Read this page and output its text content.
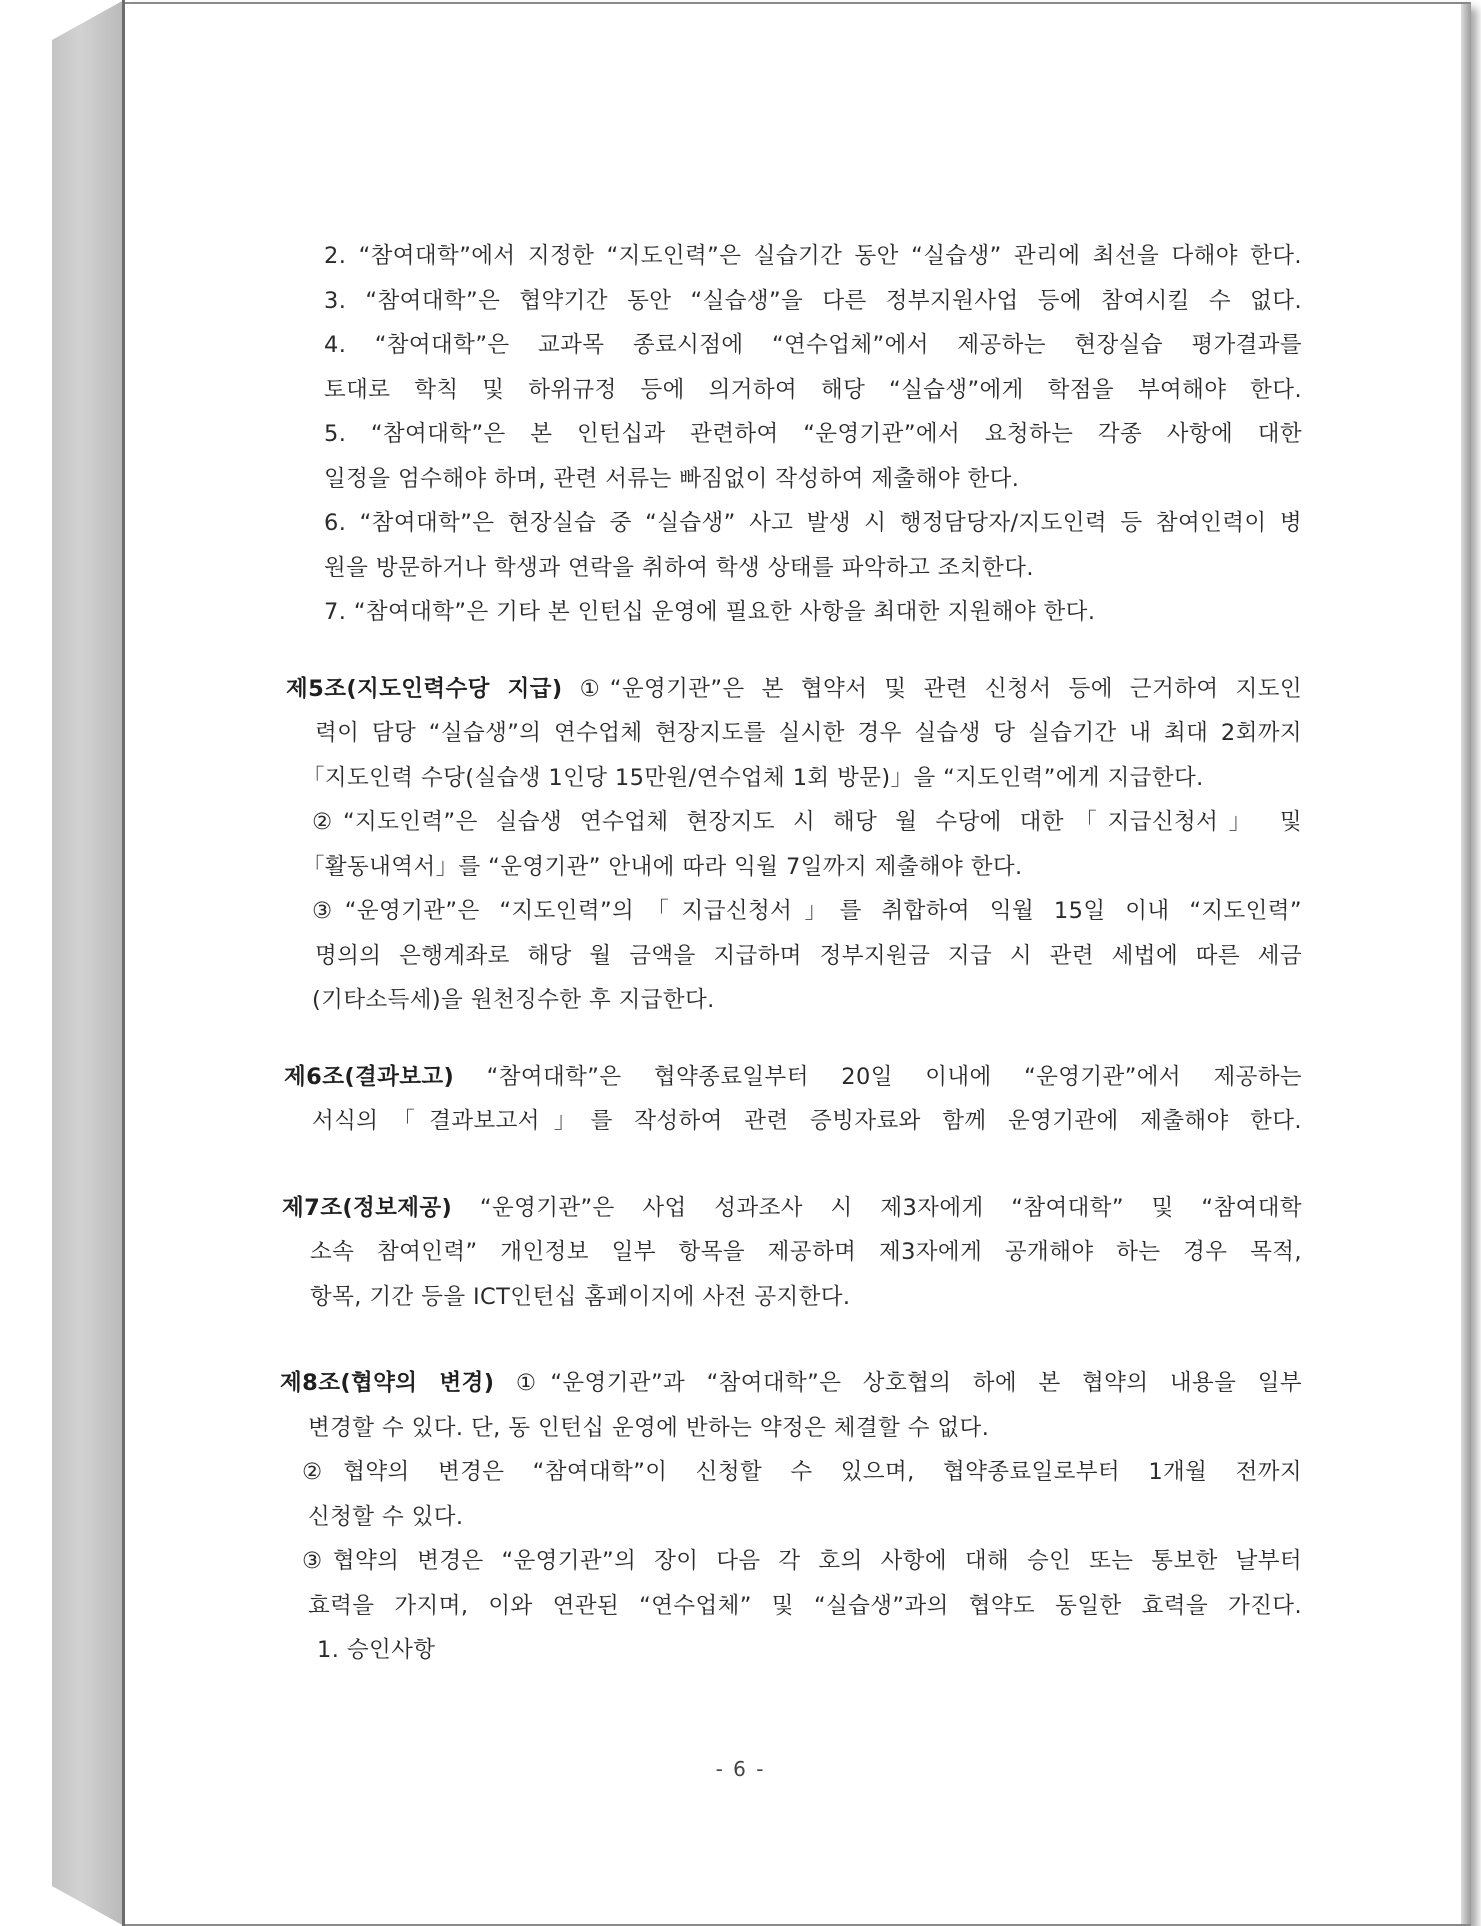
2. “참여대학”에서 지정한 “지도인력”은 실습기간 동안 “실습생” 관리에 최선을 다해야 한다.
3. “참여대학”은 협약기간 동안 “실습생”을 다른 정부지원사업 등에 참여시킬 수 없다.
4. “참여대학”은 교과목 종료시점에 “연수업체”에서 제공하는 현장실습 평가결과를
토대로 학칙 및 하위규정 등에 의거하여 해당 “실습생”에게 학점을 부여해야 한다.
5. “참여대학”은 본 인턴십과 관련하여 “운영기관”에서 요청하는 각종 사항에 대한
일정을 엄수해야 하며, 관련 서류는 빠짐없이 작성하여 제출해야 한다.
6. “참여대학”은 현장실습 중 “실습생” 사고 발생 시 행정담당자/지도인력 등 참여인력이 병
원을 방문하거나 학생과 연락을 취하여 학생 상태를 파악하고 조치한다.
7. “참여대학”은 기타 본 인턴십 운영에 필요한 사항을 최대한 지원해야 한다.
제5조(지도인력수당 지급) ①“운영기관”은 본 협약서 및 관련 신청서 등에 근거하여 지도인
력이 담당 “실습생”의 연수업체 현장지도를 실시한 경우 실습생 당 실습기간 내 최대 2회까지
「지도인력 수당(실습생 1인당 15만원/연수업체 1회 방문)」을 “지도인력”에게 지급한다.
②“지도인력”은 실습생 연수업체 현장지도 시 해당 월 수당에 대한「지급신청서」 및
「활동내역서」를 “운영기관” 안내에 따라 익월 7일까지 제출해야 한다.
③“운영기관”은 “지도인력”의「지급신청서」를 취합하여 익월 15일 이내 “지도인력”
명의의 은행계좌로 해당 월 금액을 지급하며 정부지원금 지급 시 관련 세법에 따른 세금
(기타소득세)을 원천징수한 후 지급한다.
제6조(결과보고) “참여대학”은 협약종료일부터 20일 이내에 “운영기관”에서 제공하는
서식의「결과보고서」를 작성하여 관련 증빙자료와 함께 운영기관에 제출해야 한다.
제7조(정보제공) “운영기관”은 사업 성과조사 시 제3자에게 “참여대학” 및 “참여대학
소속 참여인력” 개인정보 일부 항목을 제공하며 제3자에게 공개해야 하는 경우 목적,
항목, 기간 등을 ICT인턴십 홈페이지에 사전 공지한다.
제8조(협약의 변경) ①“운영기관”과 “참여대학”은 상호협의 하에 본 협약의 내용을 일부
변경할 수 있다. 단, 동 인턴십 운영에 반하는 약정은 체결할 수 없다.
②협약의 변경은 “참여대학”이 신청할 수 있으며, 협약종료일로부터 1개월 전까지
신청할 수 있다.
③협약의 변경은 “운영기관”의 장이 다음 각 호의 사항에 대해 승인 또는 통보한 날부터
효력을 가지며, 이와 연관된 “연수업체” 및 “실습생”과의 협약도 동일한 효력을 가진다.
1. 승인사항
- 6 -
